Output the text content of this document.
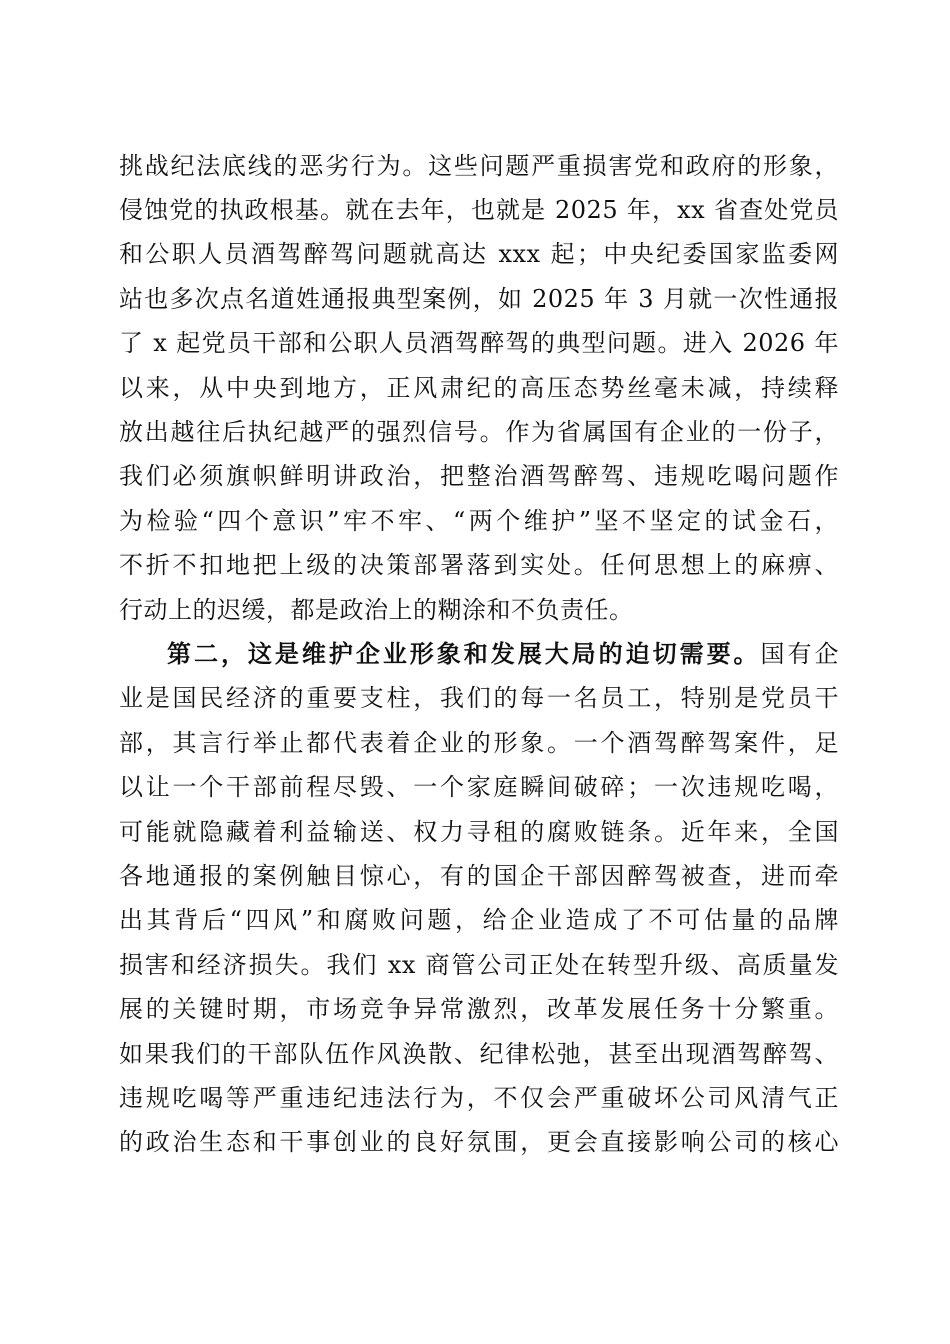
挑战纪法底线的恶劣行为。这些问题严重损害党和政府的形象，
侵蚀党的执政根基。就在去年，也就是 2025 年，xx 省查处党员
和公职人员酒驾醉驾问题就高达 xxx 起；中央纪委国家监委网
站也多次点名道姓通报典型案例，如 2025 年 3 月就一次性通报
了 x 起党员干部和公职人员酒驾醉驾的典型问题。进入 2026 年
以来，从中央到地方，正风肃纪的高压态势丝毫未减，持续释
放出越往后执纪越严的强烈信号。作为省属国有企业的一份子，
我们必须旗帜鲜明讲政治，把整治酒驾醉驾、违规吃喝问题作
为检验“四个意识”牢不牢、“两个维护”坚不坚定的试金石，
不折不扣地把上级的决策部署落到实处。任何思想上的麻痹、
行动上的迟缓，都是政治上的糊涂和不负责任。
第二，这是维护企业形象和发展大局的迫切需要。国有企
业是国民经济的重要支柱，我们的每一名员工，特别是党员干
部，其言行举止都代表着企业的形象。一个酒驾醉驾案件，足
以让一个干部前程尽毁、一个家庭瞬间破碎；一次违规吃喝，
可能就隐藏着利益输送、权力寻租的腐败链条。近年来，全国
各地通报的案例触目惊心，有的国企干部因醉驾被查，进而牵
出其背后“四风”和腐败问题，给企业造成了不可估量的品牌
损害和经济损失。我们 xx 商管公司正处在转型升级、高质量发
展的关键时期，市场竞争异常激烈，改革发展任务十分繁重。
如果我们的干部队伍作风涣散、纪律松弛，甚至出现酒驾醉驾、
违规吃喝等严重违纪违法行为，不仅会严重破坏公司风清气正
的政治生态和干事创业的良好氛围，更会直接影响公司的核心
